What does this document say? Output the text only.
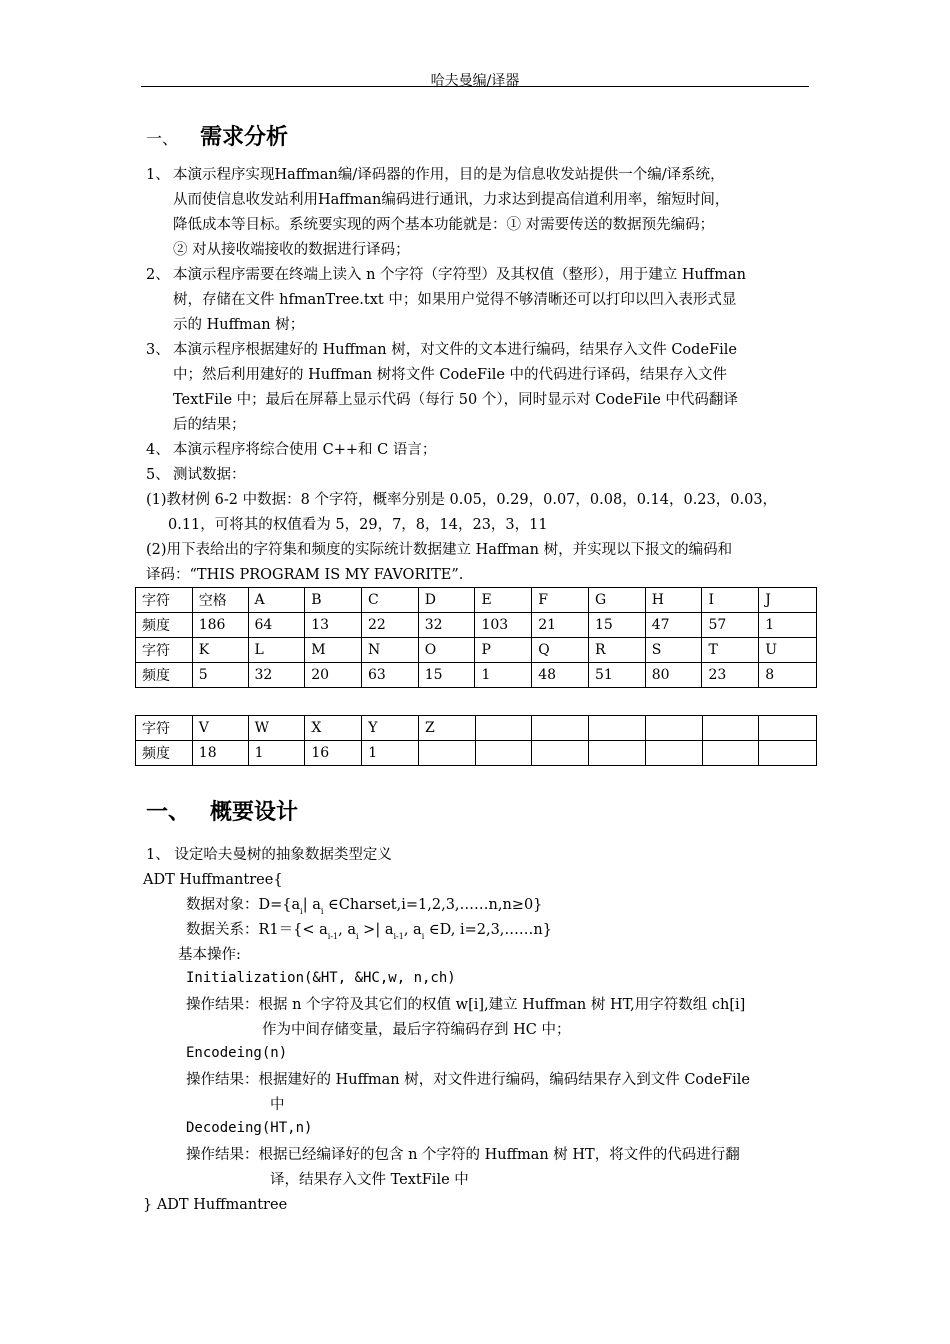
哈夫曼编/译器
一、 需求分析
1、 本演示程序实现Haffman编/译码器的作用，目的是为信息收发站提供一个编/译系统，
从而使信息收发站利用Haffman编码进行通讯，力求达到提高信道利用率，缩短时间，
降低成本等目标。系统要实现的两个基本功能就是：① 对需要传送的数据预先编码；
② 对从接收端接收的数据进行译码；
2、 本演示程序需要在终端上读入 n 个字符（字符型）及其权值（整形），用于建立 Huffman
树，存储在文件 hfmanTree.txt 中；如果用户觉得不够清晰还可以打印以凹入表形式显
示的 Huffman 树；
3、 本演示程序根据建好的 Huffman 树，对文件的文本进行编码，结果存入文件 CodeFile
中；然后利用建好的 Huffman 树将文件 CodeFile 中的代码进行译码，结果存入文件
TextFile 中；最后在屏幕上显示代码（每行 50 个），同时显示对 CodeFile 中代码翻译
后的结果；
4、 本演示程序将综合使用 C++和 C 语言；
5、 测试数据：
(1)教材例 6-2 中数据：8 个字符，概率分别是 0.05，0.29，0.07，0.08，0.14，0.23，0.03，
0.11，可将其的权值看为 5，29，7，8，14，23，3，11
(2)用下表给出的字符集和频度的实际统计数据建立 Haffman 树，并实现以下报文的编码和
译码：“THIS PROGRAM IS MY FAVORITE”.
字符	空格	A	B	C	D	E	F	G	H	I	J
频度	186	64	13	22	32	103	21	15	47	57	1
字符	K	L	M	N	O	P	Q	R	S	T	U
频度	5	32	20	63	15	1	48	51	80	23	8
字符	V	W	X	Y	Z						
频度	18	1	16	1							
一、 概要设计
1、 设定哈夫曼树的抽象数据类型定义
ADT Huffmantree{
数据对象：$D=\{a_i|$ $a_i$ ∈Charset,i=1,2,3,……n,n≥0}
数据关系：$R1=\{< a_{i-1}$, $a_i$ >| $a_{i-1}$, $a_i$ ∈D, i=2,3,……n}
基本操作:
Initialization(&HT, &HC,w, n,ch)
操作结果：根据 n 个字符及其它们的权值 w[i],建立 Huffman 树 HT,用字符数组 ch[i]
作为中间存储变量，最后字符编码存到 HC 中；
Encodeing(n)
操作结果：根据建好的 Huffman 树，对文件进行编码，编码结果存入到文件 CodeFile
中
Decodeing(HT,n)
操作结果：根据已经编译好的包含 n 个字符的 Huffman 树 HT，将文件的代码进行翻
译，结果存入文件 TextFile 中
} ADT Huffmantree
